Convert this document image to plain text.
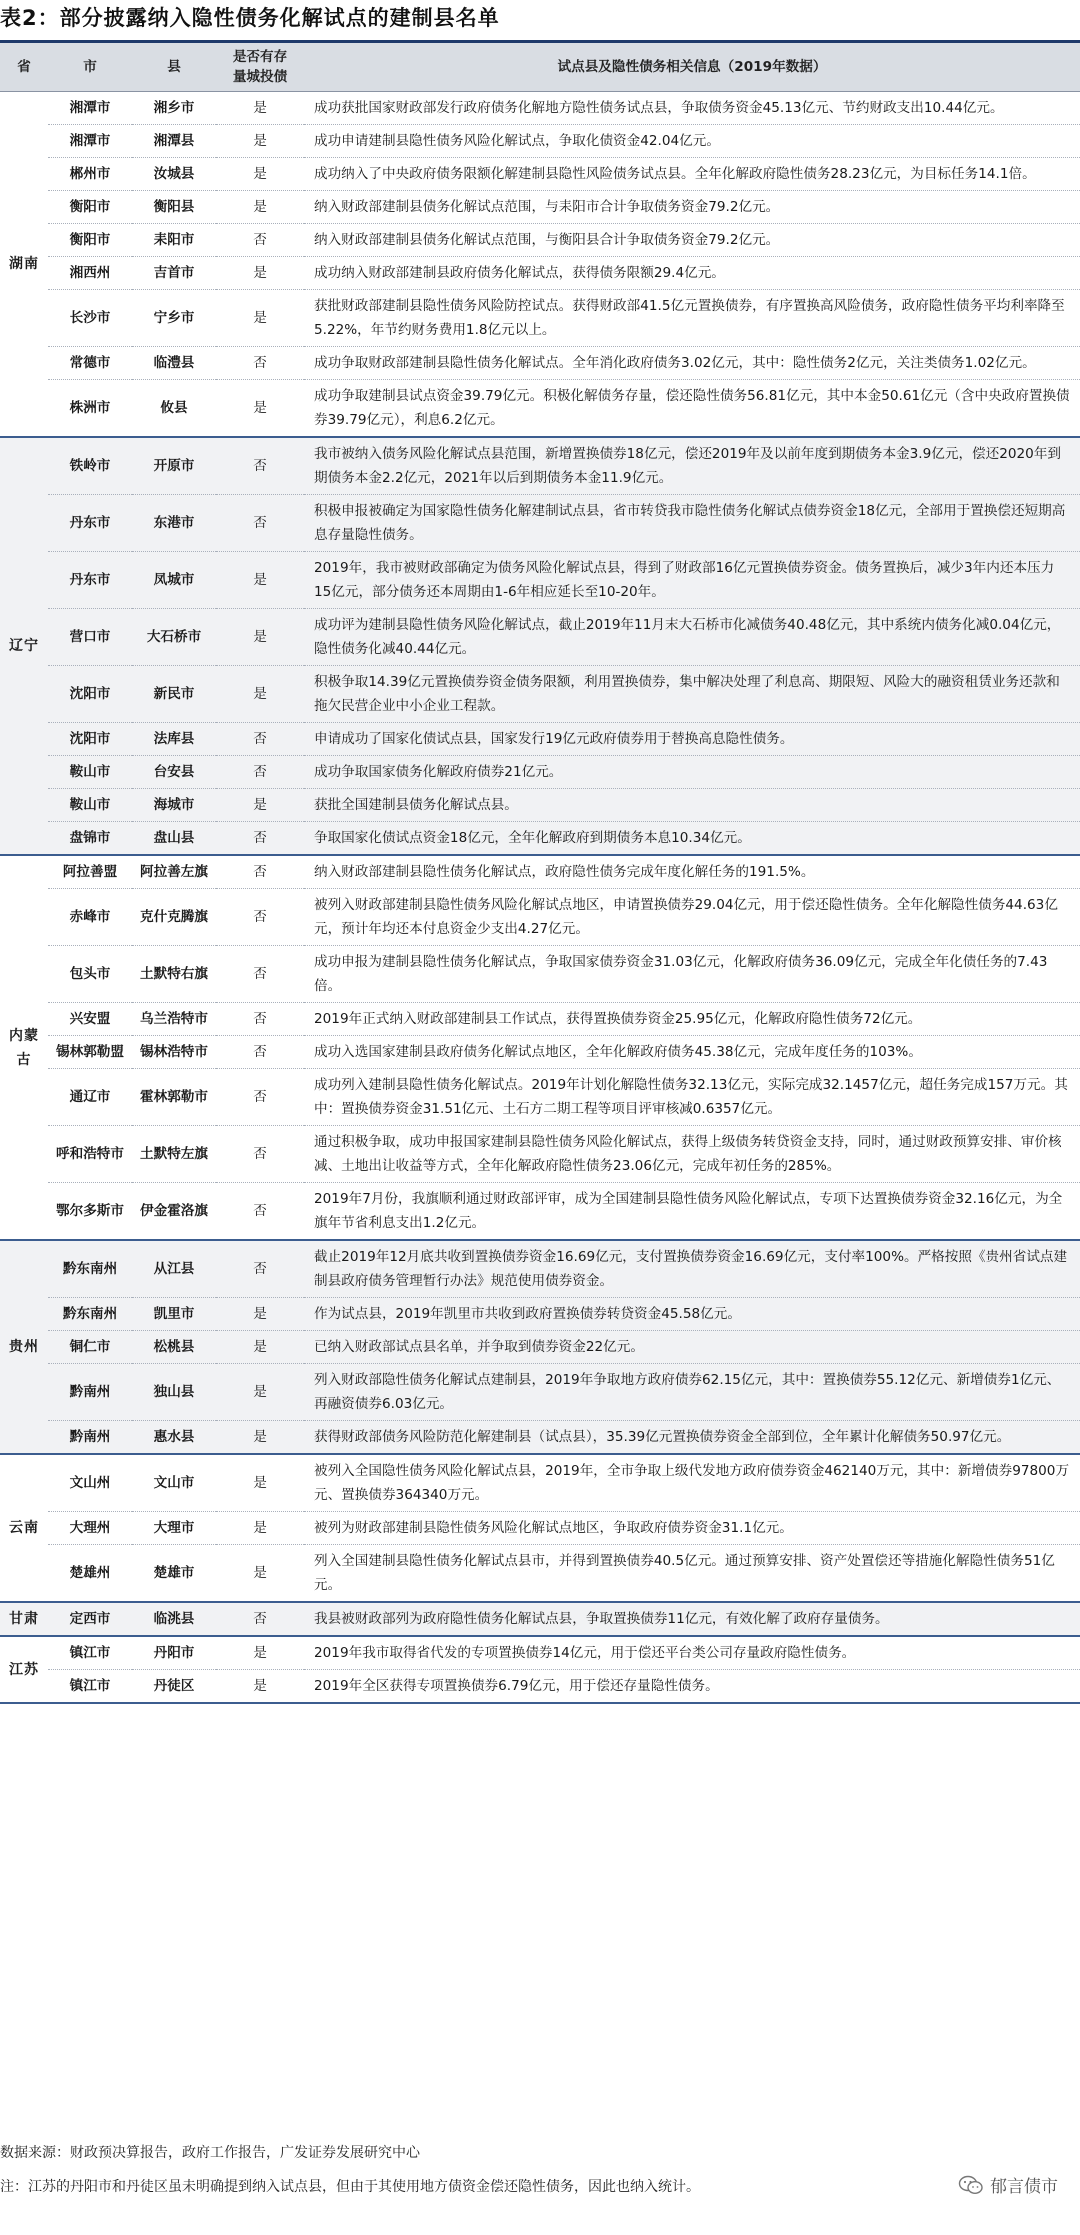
表2：部分披露纳入隐性债务化解试点的建制县名单
省	市	县	是否有存
量城投债	试点县及隐性债务相关信息（2019年数据）
湖南	湘潭市	湘乡市	是	成功获批国家财政部发行政府债务化解地方隐性债务试点县，争取债务资金45.13亿元、节约财政支出10.44亿元。
	湘潭市	湘潭县	是	成功申请建制县隐性债务风险化解试点，争取化债资金42.04亿元。
	郴州市	汝城县	是	成功纳入了中央政府债务限额化解建制县隐性风险债务试点县。全年化解政府隐性债务28.23亿元，为目标任务14.1倍。
	衡阳市	衡阳县	是	纳入财政部建制县债务化解试点范围，与耒阳市合计争取债务资金79.2亿元。
	衡阳市	耒阳市	否	纳入财政部建制县债务化解试点范围，与衡阳县合计争取债务资金79.2亿元。
	湘西州	吉首市	是	成功纳入财政部建制县政府债务化解试点，获得债务限额29.4亿元。
	长沙市	宁乡市	是	获批财政部建制县隐性债务风险防控试点。获得财政部41.5亿元置换债券，有序置换高风险债务，政府隐性债务平均利率降至5.22%，年节约财务费用1.8亿元以上。
	常德市	临澧县	否	成功争取财政部建制县隐性债务化解试点。全年消化政府债务3.02亿元，其中：隐性债务2亿元，关注类债务1.02亿元。
	株洲市	攸县	是	成功争取建制县试点资金39.79亿元。积极化解债务存量，偿还隐性债务56.81亿元，其中本金50.61亿元（含中央政府置换债券39.79亿元），利息6.2亿元。
辽宁	铁岭市	开原市	否	我市被纳入债务风险化解试点县范围，新增置换债券18亿元，偿还2019年及以前年度到期债务本金3.9亿元，偿还2020年到期债务本金2.2亿元，2021年以后到期债务本金11.9亿元。
	丹东市	东港市	否	积极申报被确定为国家隐性债务化解建制试点县，省市转贷我市隐性债务化解试点债券资金18亿元，全部用于置换偿还短期高息存量隐性债务。
	丹东市	凤城市	是	2019年，我市被财政部确定为债务风险化解试点县，得到了财政部16亿元置换债券资金。债务置换后，减少3年内还本压力15亿元，部分债务还本周期由1-6年相应延长至10-20年。
	营口市	大石桥市	是	成功评为建制县隐性债务风险化解试点，截止2019年11月末大石桥市化减债务40.48亿元，其中系统内债务化减0.04亿元，隐性债务化减40.44亿元。
	沈阳市	新民市	是	积极争取14.39亿元置换债券资金债务限额，利用置换债券，集中解决处理了利息高、期限短、风险大的融资租赁业务还款和拖欠民营企业中小企业工程款。
	沈阳市	法库县	否	申请成功了国家化债试点县，国家发行19亿元政府债券用于替换高息隐性债务。
	鞍山市	台安县	否	成功争取国家债务化解政府债券21亿元。
	鞍山市	海城市	是	获批全国建制县债务化解试点县。
	盘锦市	盘山县	否	争取国家化债试点资金18亿元，全年化解政府到期债务本息10.34亿元。
内蒙古	阿拉善盟	阿拉善左旗	否	纳入财政部建制县隐性债务化解试点，政府隐性债务完成年度化解任务的191.5%。
	赤峰市	克什克腾旗	否	被列入财政部建制县隐性债务风险化解试点地区，申请置换债券29.04亿元，用于偿还隐性债务。全年化解隐性债务44.63亿元，预计年均还本付息资金少支出4.27亿元。
	包头市	土默特右旗	否	成功申报为建制县隐性债务化解试点，争取国家债券资金31.03亿元，化解政府债务36.09亿元，完成全年化债任务的7.43倍。
	兴安盟	乌兰浩特市	否	2019年正式纳入财政部建制县工作试点，获得置换债券资金25.95亿元，化解政府隐性债务72亿元。
	锡林郭勒盟	锡林浩特市	否	成功入选国家建制县政府债务化解试点地区，全年化解政府债务45.38亿元，完成年度任务的103%。
	通辽市	霍林郭勒市	否	成功列入建制县隐性债务化解试点。2019年计划化解隐性债务32.13亿元，实际完成32.1457亿元，超任务完成157万元。其中：置换债券资金31.51亿元、土石方二期工程等项目评审核减0.6357亿元。
	呼和浩特市	土默特左旗	否	通过积极争取，成功申报国家建制县隐性债务风险化解试点，获得上级债务转贷资金支持，同时，通过财政预算安排、审价核减、土地出让收益等方式，全年化解政府隐性债务23.06亿元，完成年初任务的285%。
	鄂尔多斯市	伊金霍洛旗	否	2019年7月份，我旗顺利通过财政部评审，成为全国建制县隐性债务风险化解试点，专项下达置换债券资金32.16亿元，为全旗年节省利息支出1.2亿元。
贵州	黔东南州	从江县	否	截止2019年12月底共收到置换债券资金16.69亿元，支付置换债券资金16.69亿元，支付率100%。严格按照《贵州省试点建制县政府债务管理暂行办法》规范使用债券资金。
	黔东南州	凯里市	是	作为试点县，2019年凯里市共收到政府置换债券转贷资金45.58亿元。
	铜仁市	松桃县	是	已纳入财政部试点县名单，并争取到债券资金22亿元。
	黔南州	独山县	是	列入财政部隐性债务化解试点建制县，2019年争取地方政府债券62.15亿元，其中：置换债券55.12亿元、新增债券1亿元、再融资债券6.03亿元。
	黔南州	惠水县	是	获得财政部债务风险防范化解建制县（试点县），35.39亿元置换债券资金全部到位，全年累计化解债务50.97亿元。
云南	文山州	文山市	是	被列入全国隐性债务风险化解试点县，2019年，全市争取上级代发地方政府债券资金462140万元，其中：新增债券97800万元、置换债券364340万元。
	大理州	大理市	是	被列为财政部建制县隐性债务风险化解试点地区，争取政府债券资金31.1亿元。
	楚雄州	楚雄市	是	列入全国建制县隐性债务化解试点县市，并得到置换债券40.5亿元。通过预算安排、资产处置偿还等措施化解隐性债务51亿元。
甘肃	定西市	临洮县	否	我县被财政部列为政府隐性债务化解试点县，争取置换债券11亿元，有效化解了政府存量债务。
江苏	镇江市	丹阳市	是	2019年我市取得省代发的专项置换债券14亿元，用于偿还平台类公司存量政府隐性债务。
	镇江市	丹徒区	是	2019年全区获得专项置换债券6.79亿元，用于偿还存量隐性债务。
数据来源：财政预决算报告，政府工作报告，广发证券发展研究中心
注：江苏的丹阳市和丹徒区虽未明确提到纳入试点县，但由于其使用地方债资金偿还隐性债务，因此也纳入统计。	郁言债市
